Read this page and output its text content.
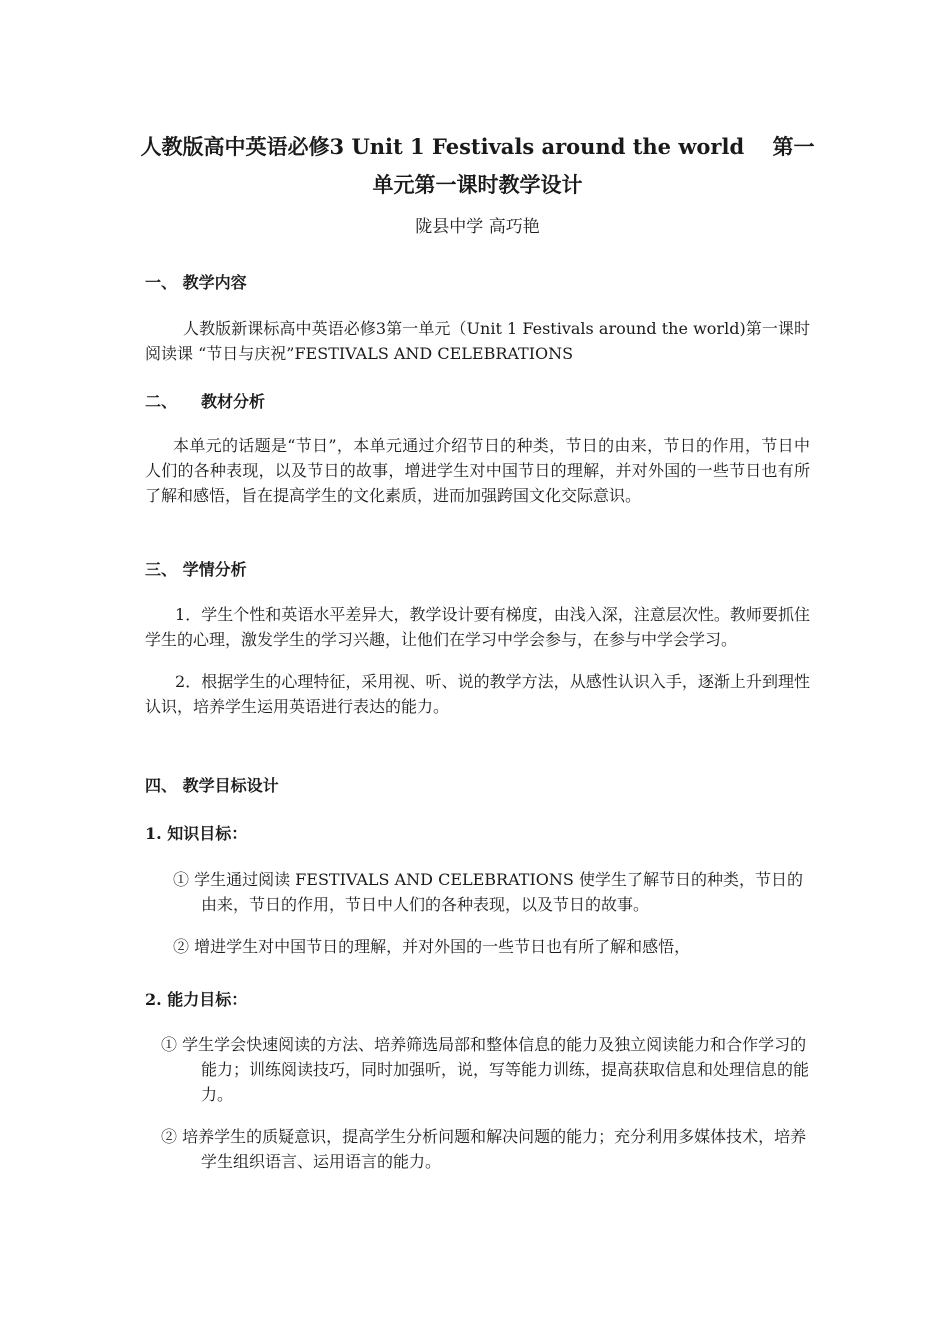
人教版高中英语必修3 Unit 1 Festivals around the world　 第一
单元第一课时教学设计
陇县中学 高巧艳
一、 教学内容
人教版新课标高中英语必修3第一单元（Unit 1 Festivals around the world)第一课时 阅读课 “节日与庆祝”FESTIVALS AND CELEBRATIONS
二、　　教材分析
本单元的话题是“节日”，本单元通过介绍节日的种类，节日的由来，节日的作用，节日中人们的各种表现，以及节日的故事，增进学生对中国节日的理解，并对外国的一些节日也有所了解和感悟，旨在提高学生的文化素质，进而加强跨国文化交际意识。
三、 学情分析
1．学生个性和英语水平差异大，教学设计要有梯度，由浅入深，注意层次性。教师要抓住学生的心理，激发学生的学习兴趣，让他们在学习中学会参与，在参与中学会学习。
2．根据学生的心理特征，采用视、听、说的教学方法，从感性认识入手，逐渐上升到理性认识，培养学生运用英语进行表达的能力。
四、 教学目标设计
1. 知识目标：
① 学生通过阅读 FESTIVALS AND CELEBRATIONS 使学生了解节日的种类，节日的由来，节日的作用，节日中人们的各种表现，以及节日的故事。
② 增进学生对中国节日的理解，并对外国的一些节日也有所了解和感悟，
2. 能力目标：
① 学生学会快速阅读的方法、培养筛选局部和整体信息的能力及独立阅读能力和合作学习的能力；训练阅读技巧，同时加强听，说，写等能力训练，提高获取信息和处理信息的能力。
② 培养学生的质疑意识，提高学生分析问题和解决问题的能力；充分利用多媒体技术，培养学生组织语言、运用语言的能力。
